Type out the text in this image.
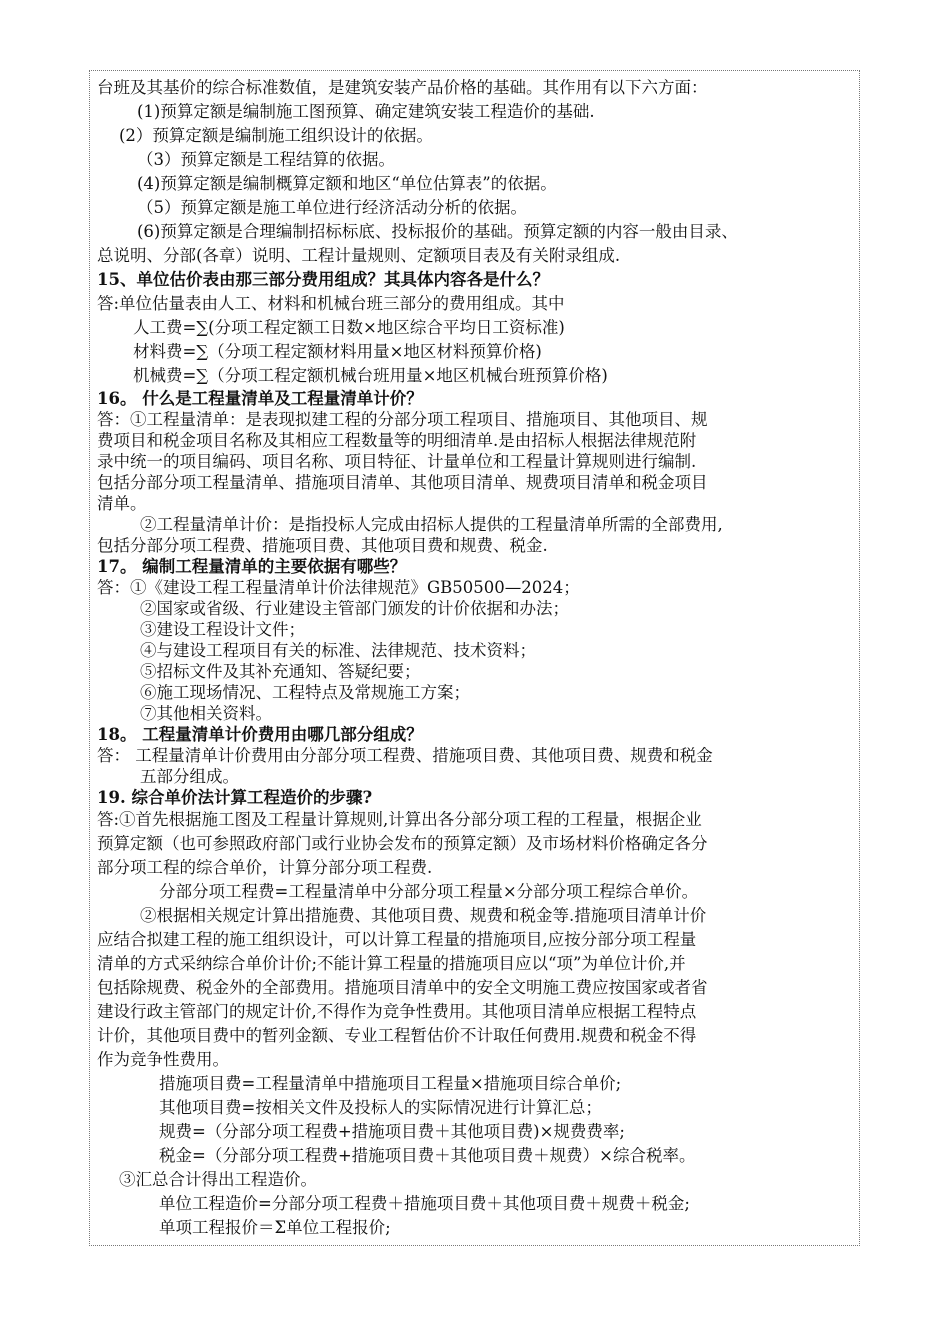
台班及其基价的综合标准数值，是建筑安装产品价格的基础。其作用有以下六方面：
(1)预算定额是编制施工图预算、确定建筑安装工程造价的基础.
(2）预算定额是编制施工组织设计的依据。
（3）预算定额是工程结算的依据。
(4)预算定额是编制概算定额和地区“单位估算表”的依据。
（5）预算定额是施工单位进行经济活动分析的依据。
(6)预算定额是合理编制招标标底、投标报价的基础。预算定额的内容一般由目录、
总说明、分部(各章）说明、工程计量规则、定额项目表及有关附录组成.
15、单位估价表由那三部分费用组成？其具体内容各是什么？
答:单位估量表由人工、材料和机械台班三部分的费用组成。其中
人工费=∑(分项工程定额工日数×地区综合平均日工资标准)
材料费=∑（分项工程定额材料用量×地区材料预算价格)
机械费=∑（分项工程定额机械台班用量×地区机械台班预算价格)
16。 什么是工程量清单及工程量清单计价？
答：①工程量清单：是表现拟建工程的分部分项工程项目、措施项目、其他项目、规
费项目和税金项目名称及其相应工程数量等的明细清单.是由招标人根据法律规范附
录中统一的项目编码、项目名称、项目特征、计量单位和工程量计算规则进行编制.
包括分部分项工程量清单、措施项目清单、其他项目清单、规费项目清单和税金项目
清单。
②工程量清单计价：是指投标人完成由招标人提供的工程量清单所需的全部费用,
包括分部分项工程费、措施项目费、其他项目费和规费、税金.
17。 编制工程量清单的主要依据有哪些？
答：①《建设工程工程量清单计价法律规范》GB50500—2024；
②国家或省级、行业建设主管部门颁发的计价依据和办法；
③建设工程设计文件；
④与建设工程项目有关的标准、法律规范、技术资料；
⑤招标文件及其补充通知、答疑纪要；
⑥施工现场情况、工程特点及常规施工方案；
⑦其他相关资料。
18。 工程量清单计价费用由哪几部分组成？
答： 工程量清单计价费用由分部分项工程费、措施项目费、其他项目费、规费和税金
五部分组成。
19. 综合单价法计算工程造价的步骤?
答:①首先根据施工图及工程量计算规则,计算出各分部分项工程的工程量，根据企业
预算定额（也可参照政府部门或行业协会发布的预算定额）及市场材料价格确定各分
部分项工程的综合单价，计算分部分项工程费.
分部分项工程费=工程量清单中分部分项工程量×分部分项工程综合单价。
②根据相关规定计算出措施费、其他项目费、规费和税金等.措施项目清单计价
应结合拟建工程的施工组织设计，可以计算工程量的措施项目,应按分部分项工程量
清单的方式采纳综合单价计价;不能计算工程量的措施项目应以“项”为单位计价,并
包括除规费、税金外的全部费用。措施项目清单中的安全文明施工费应按国家或者省
建设行政主管部门的规定计价,不得作为竞争性费用。其他项目清单应根据工程特点
计价，其他项目费中的暂列金额、专业工程暂估价不计取任何费用.规费和税金不得
作为竞争性费用。
措施项目费=工程量清单中措施项目工程量×措施项目综合单价;
其他项目费=按相关文件及投标人的实际情况进行计算汇总；
规费=（分部分项工程费+措施项目费＋其他项目费)×规费费率;
税金=（分部分项工程费+措施项目费＋其他项目费＋规费）×综合税率。
③汇总合计得出工程造价。
单位工程造价=分部分项工程费＋措施项目费＋其他项目费＋规费＋税金;
单项工程报价＝Σ单位工程报价;
